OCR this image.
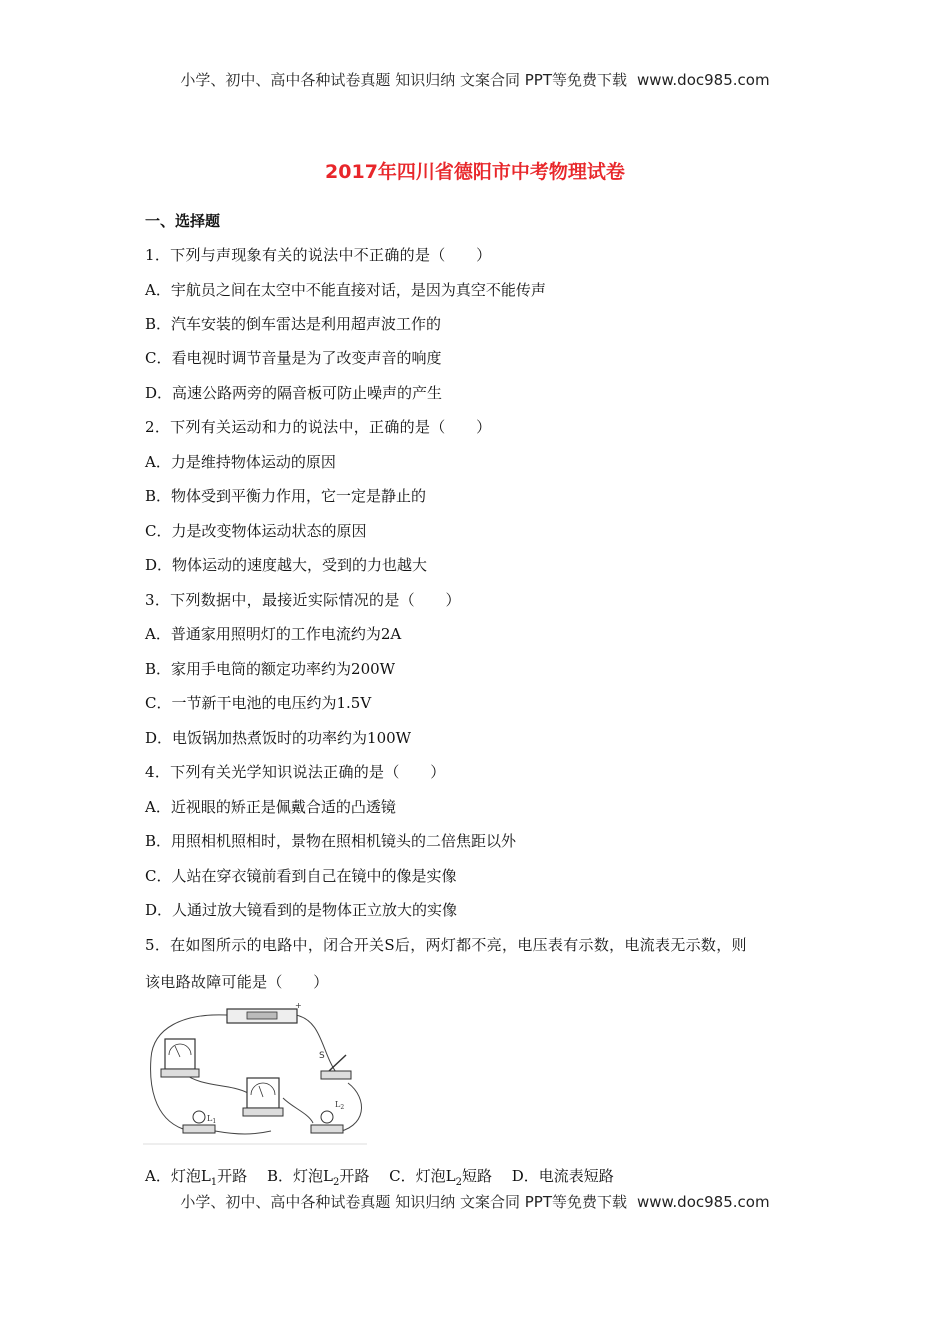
小学、初中、高中各种试卷真题 知识归纳 文案合同 PPT等免费下载 www.doc985.com
2017年四川省德阳市中考物理试卷
一、选择题
1．下列与声现象有关的说法中不正确的是（　　）
A．宇航员之间在太空中不能直接对话，是因为真空不能传声
B．汽车安装的倒车雷达是利用超声波工作的
C．看电视时调节音量是为了改变声音的响度
D．高速公路两旁的隔音板可防止噪声的产生
2．下列有关运动和力的说法中，正确的是（　　）
A．力是维持物体运动的原因
B．物体受到平衡力作用，它一定是静止的
C．力是改变物体运动状态的原因
D．物体运动的速度越大，受到的力也越大
3．下列数据中，最接近实际情况的是（　　）
A．普通家用照明灯的工作电流约为2A
B．家用手电筒的额定功率约为200W
C．一节新干电池的电压约为1.5V
D．电饭锅加热煮饭时的功率约为100W
4．下列有关光学知识说法正确的是（　　）
A．近视眼的矫正是佩戴合适的凸透镜
B．用照相机照相时，景物在照相机镜头的二倍焦距以外
C．人站在穿衣镜前看到自己在镜中的像是实像
D．人通过放大镜看到的是物体正立放大的实像
5．在如图所示的电路中，闭合开关S后，两灯都不亮，电压表有示数，电流表无示数，则
该电路故障可能是（　　）
+
S
$L_1$
$L_2$
A．灯泡$L_1$开路　 B．灯泡$L_2$开路　 C．灯泡$L_2$短路　 D．电流表短路
小学、初中、高中各种试卷真题 知识归纳 文案合同 PPT等免费下载 www.doc985.com
